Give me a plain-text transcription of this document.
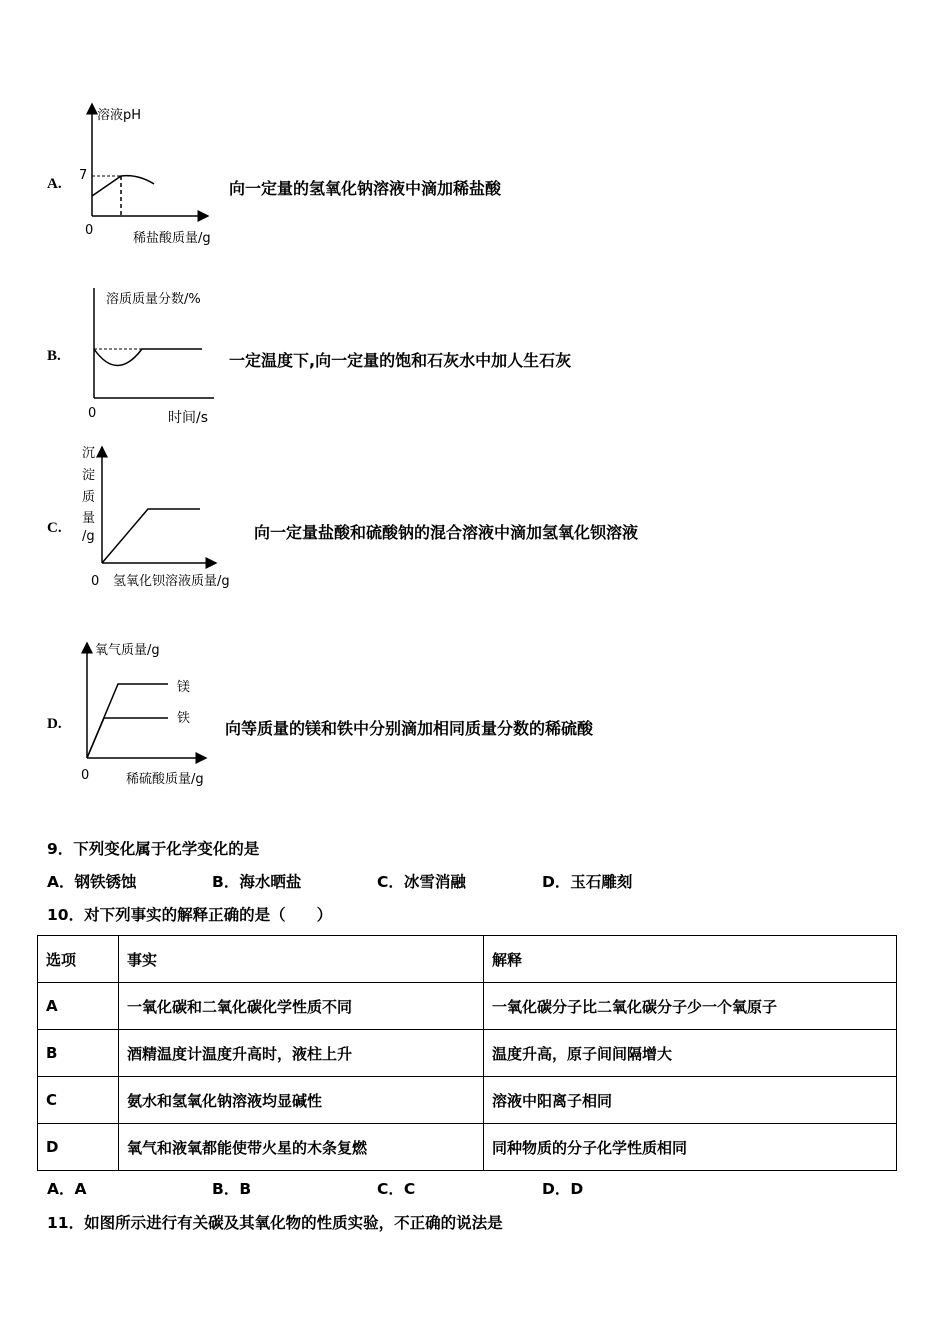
A.
溶液pH
7
0
稀盐酸质量/g
向一定量的氢氧化钠溶液中滴加稀盐酸
B.
溶质质量分数/%
0	时间/s
一定温度下,向一定量的饱和石灰水中加人生石灰
C.
沉
淀
质
量
/g
0 氢氧化钡溶液质量/g
向一定量盐酸和硫酸钠的混合溶液中滴加氢氧化钡溶液
D.
氧气质量/g
0	稀硫酸质量/g
镁
铁
向等质量的镁和铁中分别滴加相同质量分数的稀硫酸
9．下列变化属于化学变化的是
A．钢铁锈蚀	B．海水晒盐	C．冰雪消融	D．玉石雕刻
10．对下列事实的解释正确的是（　　）
选项	事实	解释
A	一氧化碳和二氧化碳化学性质不同	一氧化碳分子比二氧化碳分子少一个氧原子
B	酒精温度计温度升高时，液柱上升	温度升高，原子间间隔增大
C	氨水和氢氧化钠溶液均显碱性	溶液中阳离子相同
D	氧气和液氧都能使带火星的木条复燃	同种物质的分子化学性质相同
A．A	B．B	C．C	D．D
11．如图所示进行有关碳及其氧化物的性质实验，不正确的说法是
